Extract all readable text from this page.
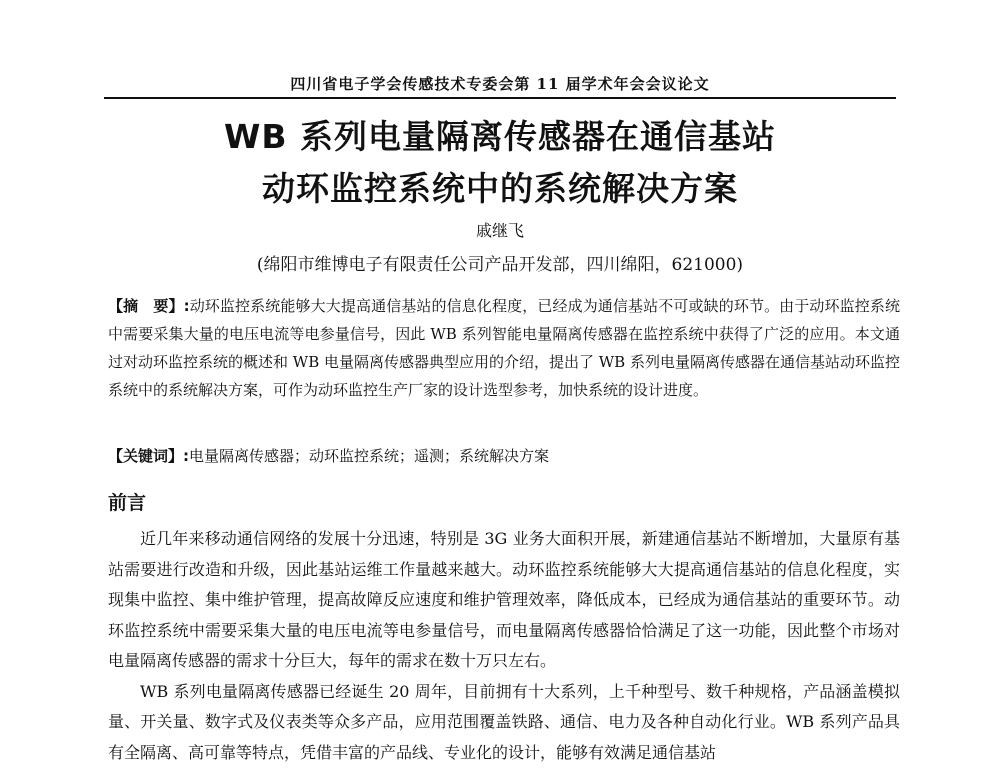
四川省电子学会传感技术专委会第 11 届学术年会会议论文
WB 系列电量隔离传感器在通信基站
动环监控系统中的系统解决方案
戚继飞
(绵阳市维博电子有限责任公司产品开发部，四川绵阳，621000)
【摘　要】:动环监控系统能够大大提高通信基站的信息化程度，已经成为通信基站不可或缺的环节。由于动环监控系统中需要采集大量的电压电流等电参量信号，因此 WB 系列智能电量隔离传感器在监控系统中获得了广泛的应用。本文通过对动环监控系统的概述和 WB 电量隔离传感器典型应用的介绍，提出了 WB 系列电量隔离传感器在通信基站动环监控系统中的系统解决方案，可作为动环监控生产厂家的设计选型参考，加快系统的设计进度。
【关键词】:电量隔离传感器；动环监控系统；遥测；系统解决方案
前言

近几年来移动通信网络的发展十分迅速，特别是 3G 业务大面积开展，新建通信基站不断增加，大量原有基站需要进行改造和升级，因此基站运维工作量越来越大。动环监控系统能够大大提高通信基站的信息化程度，实现集中监控、集中维护管理，提高故障反应速度和维护管理效率，降低成本，已经成为通信基站的重要环节。动环监控系统中需要采集大量的电压电流等电参量信号，而电量隔离传感器恰恰满足了这一功能，因此整个市场对电量隔离传感器的需求十分巨大，每年的需求在数十万只左右。

WB 系列电量隔离传感器已经诞生 20 周年，目前拥有十大系列，上千种型号、数千种规格，产品涵盖模拟量、开关量、数字式及仪表类等众多产品，应用范围覆盖铁路、通信、电力及各种自动化行业。WB 系列产品具有全隔离、高可靠等特点，凭借丰富的产品线、专业化的设计，能够有效满足通信基站
